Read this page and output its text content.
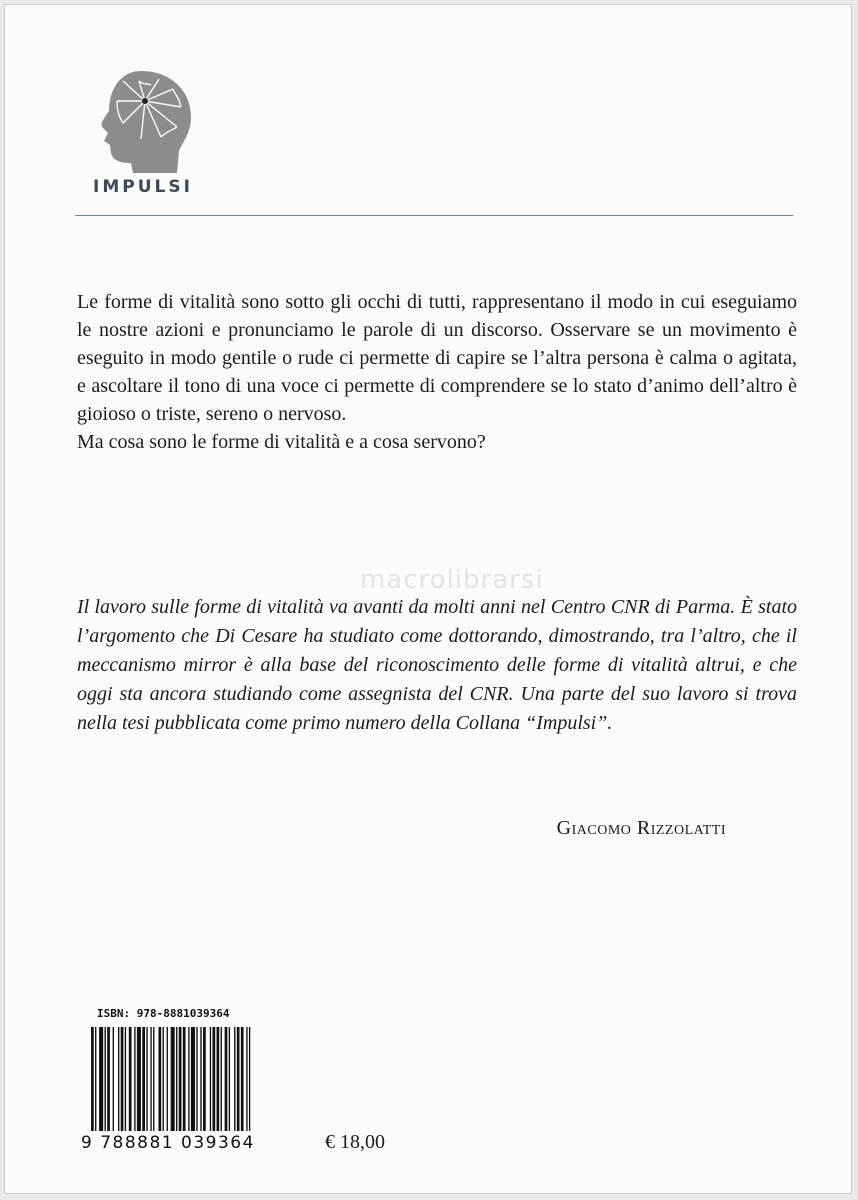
IMPULSI

Le forme di vitalità sono sotto gli occhi di tutti, rappresentano il modo in cui eseguiamo le nostre azioni e pronunciamo le parole di un discorso. Osservare se un movimento è eseguito in modo gentile o rude ci permette di capire se l’altra persona è calma o agitata, e ascoltare il tono di una voce ci permette di comprendere se lo stato d’animo dell’altro è gioioso o triste, sereno o nervoso.

Ma cosa sono le forme di vitalità e a cosa servono?

macrolibrarsi
Il lavoro sulle forme di vitalità va avanti da molti anni nel Centro CNR di Parma. È stato l’argomento che Di Cesare ha studiato come dottorando, dimostrando, tra l’altro, che il meccanismo mirror è alla base del riconoscimento delle forme di vitalità altrui, e che oggi sta ancora studiando come assegnista del CNR. Una parte del suo lavoro si trova nella tesi pubblicata come primo numero della Collana “Impulsi”.
Giacomo Rizzolatti
ISBN: 978-8881039364
9 788881 039364	€ 18,00
